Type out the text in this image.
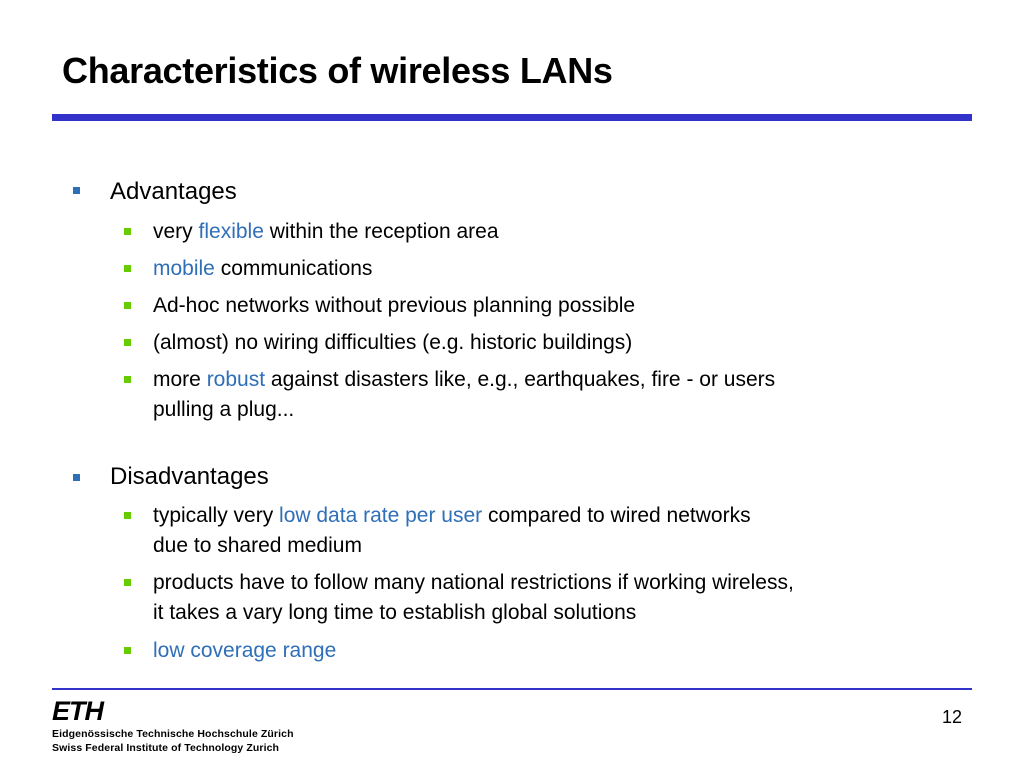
Characteristics of wireless LANs
Advantages
very flexible within the reception area
mobile communications
Ad-hoc networks without previous planning possible
(almost) no wiring difficulties (e.g. historic buildings)
more robust against disasters like, e.g., earthquakes, fire - or users
pulling a plug...
Disadvantages
typically very low data rate per user compared to wired networks
due to shared medium
products have to follow many national restrictions if working wireless,
it takes a vary long time to establish global solutions
low coverage range
ETH
Eidgenössische Technische Hochschule Zürich
Swiss Federal Institute of Technology Zurich
12
